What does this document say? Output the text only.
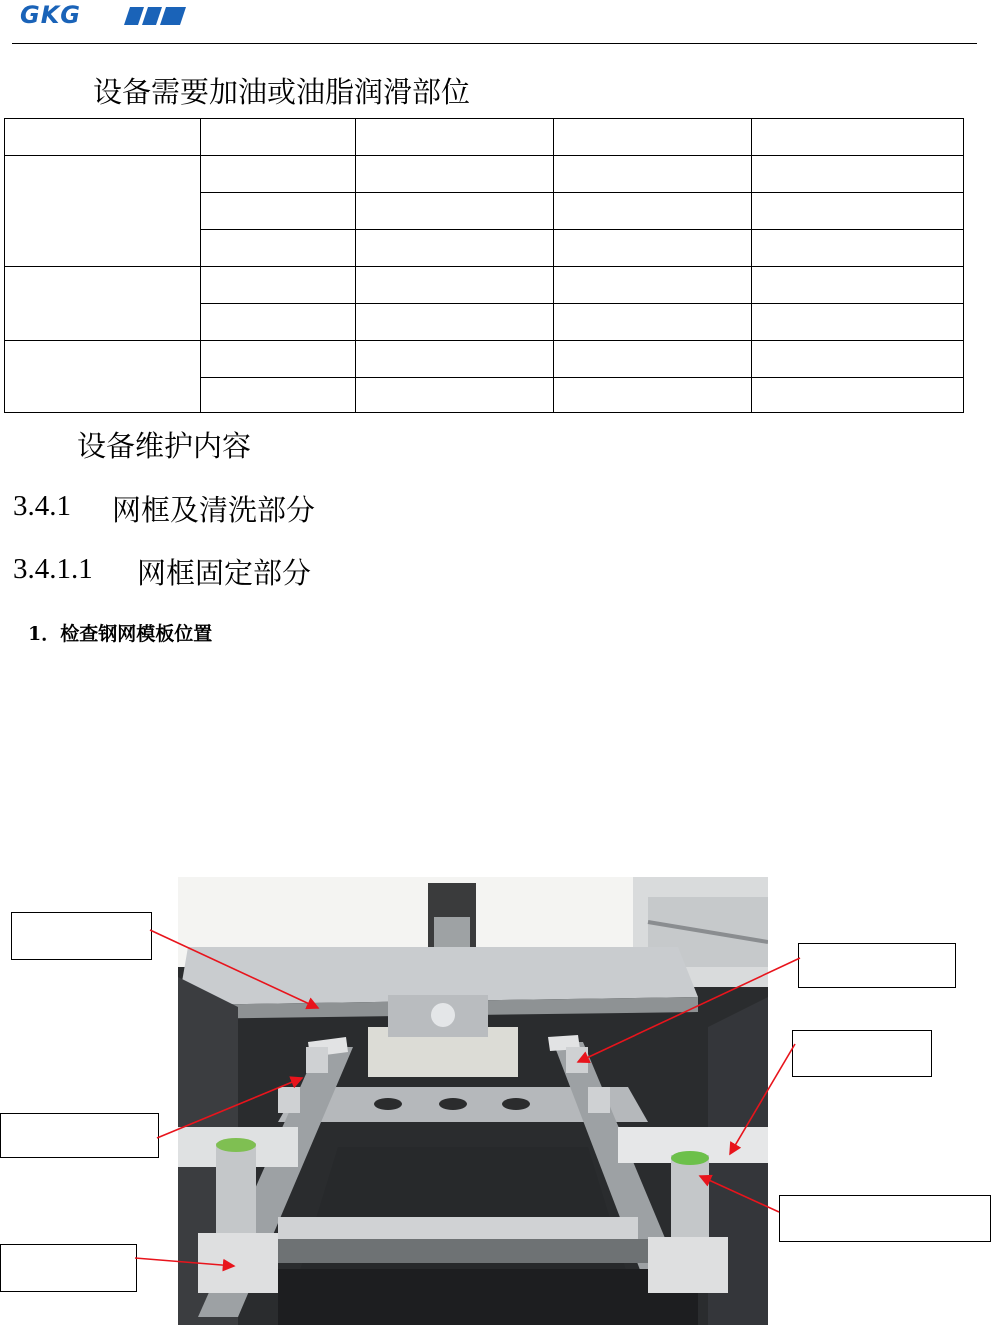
GKG
设备需要加油或油脂润滑部位

设备维护内容
3.4.1 网框及清洗部分
3.4.1.1 网框固定部分
1．检查钢网模板位置
